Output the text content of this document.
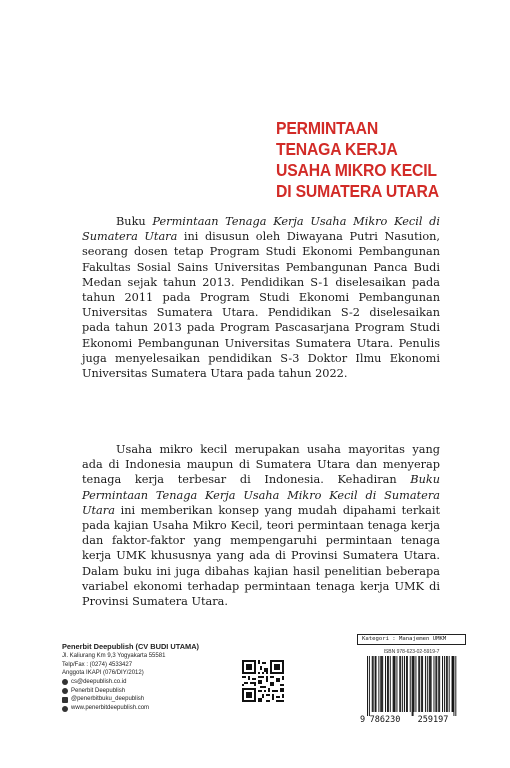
PERMINTAAN
TENAGA KERJA
USAHA MIKRO KECIL
DI SUMATERA UTARA
Buku Permintaan Tenaga Kerja Usaha Mikro Kecil di Sumatera Utara ini disusun oleh Diwayana Putri Nasution, seorang dosen tetap Program Studi Ekonomi Pembangunan Fakultas Sosial Sains Universitas Pembangunan Panca Budi Medan sejak tahun 2013. Pendidikan S-1 diselesaikan pada tahun 2011 pada Program Studi Ekonomi Pembangunan Universitas Sumatera Utara. Pendidikan S-2 diselesaikan pada tahun 2013 pada Program Pascasarjana Program Studi Ekonomi Pembangunan Universitas Sumatera Utara. Penulis juga menyelesaikan pendidikan S-3 Doktor Ilmu Ekonomi Universitas Sumatera Utara pada tahun 2022.
Usaha mikro kecil merupakan usaha mayoritas yang ada di Indonesia maupun di Sumatera Utara dan menyerap tenaga kerja terbesar di Indonesia. Kehadiran Buku Permintaan Tenaga Kerja Usaha Mikro Kecil di Sumatera Utara ini memberikan konsep yang mudah dipahami terkait pada kajian Usaha Mikro Kecil, teori permintaan tenaga kerja dan faktor-faktor yang mempengaruhi permintaan tenaga kerja UMK khususnya yang ada di Provinsi Sumatera Utara. Dalam buku ini juga dibahas kajian hasil penelitian beberapa variabel ekonomi terhadap permintaan tenaga kerja UMK di Provinsi Sumatera Utara.
Penerbit Deepublish (CV BUDI UTAMA)
Jl. Kaliurang Km 9,3 Yogyakarta 55581
Telp/Fax : (0274) 4533427
Anggota IKAPI (076/DIY/2012)
cs@deepublish.co.id
Penerbit Deepublish
@penerbitbuku_deepublish
www.penerbitdeepublish.com
Kategori : Manajemen UMKM
ISBN 978-623-02-5919-7
9 786230 259197
